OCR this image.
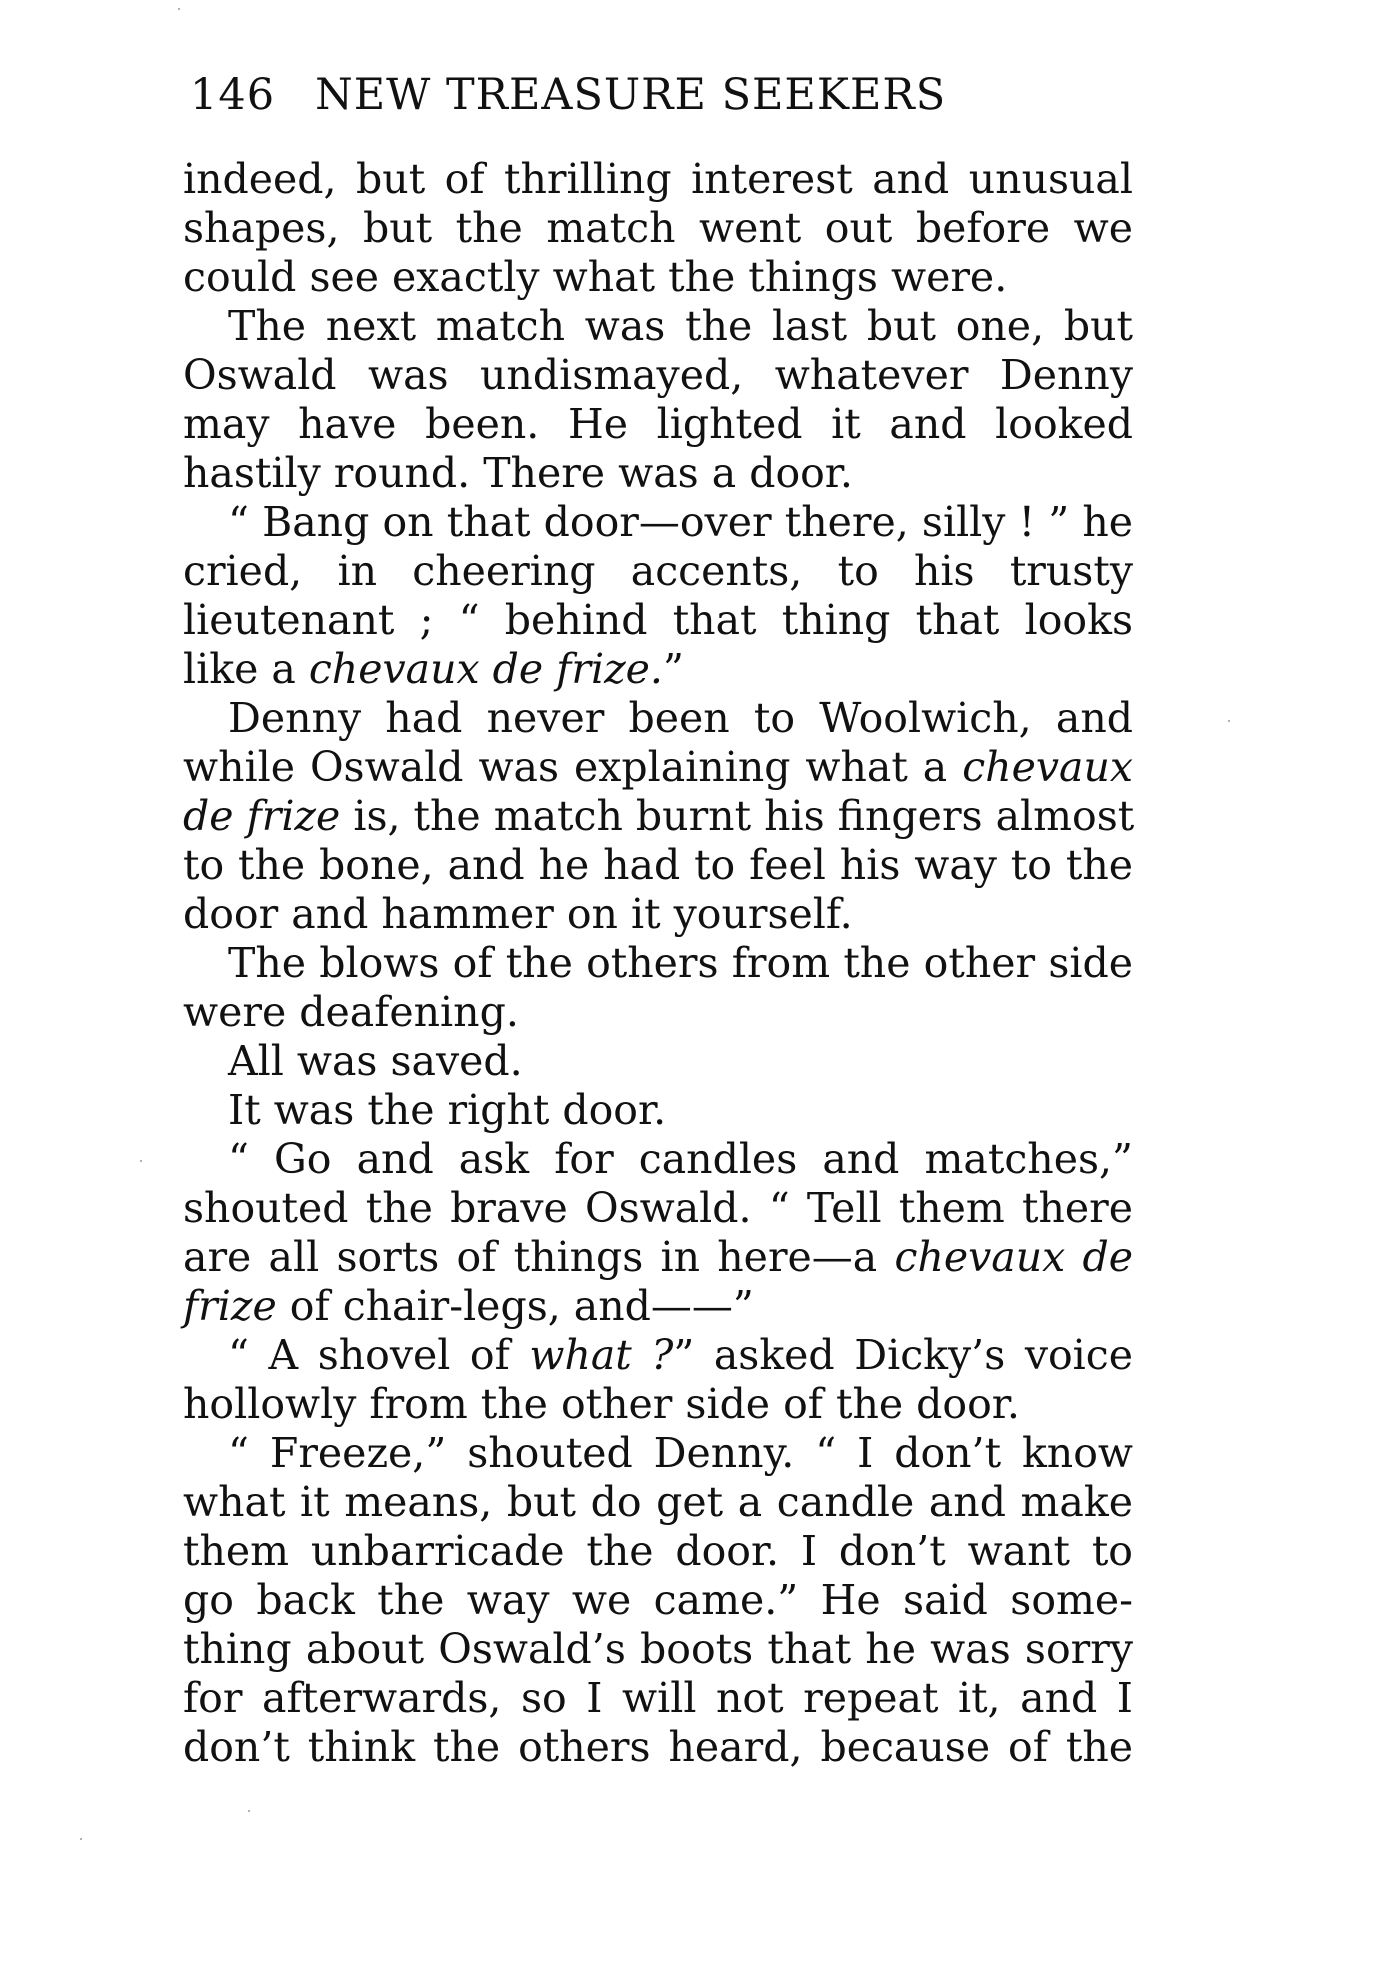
146 NEW TREASURE SEEKERS
indeed, but of thrilling interest and unusual
shapes, but the match went out before we
could see exactly what the things were.
The next match was the last but one, but
Oswald was undismayed, whatever Denny
may have been. He lighted it and looked
hastily round. There was a door.
“ Bang on that door—over there, silly ! ” he
cried, in cheering accents, to his trusty
lieutenant ; “ behind that thing that looks
like a chevaux de frize.”
Denny had never been to Woolwich, and
while Oswald was explaining what a chevaux
de frize is, the match burnt his fingers almost
to the bone, and he had to feel his way to the
door and hammer on it yourself.
The blows of the others from the other side
were deafening.
All was saved.
It was the right door.
“ Go and ask for candles and matches,”
shouted the brave Oswald. “ Tell them there
are all sorts of things in here—a chevaux de
frize of chair-legs, and——”
“ A shovel of what ?” asked Dicky’s voice
hollowly from the other side of the door.
“ Freeze,” shouted Denny. “ I don’t know
what it means, but do get a candle and make
them unbarricade the door. I don’t want to
go back the way we came.” He said some-
thing about Oswald’s boots that he was sorry
for afterwards, so I will not repeat it, and I
don’t think the others heard, because of the
